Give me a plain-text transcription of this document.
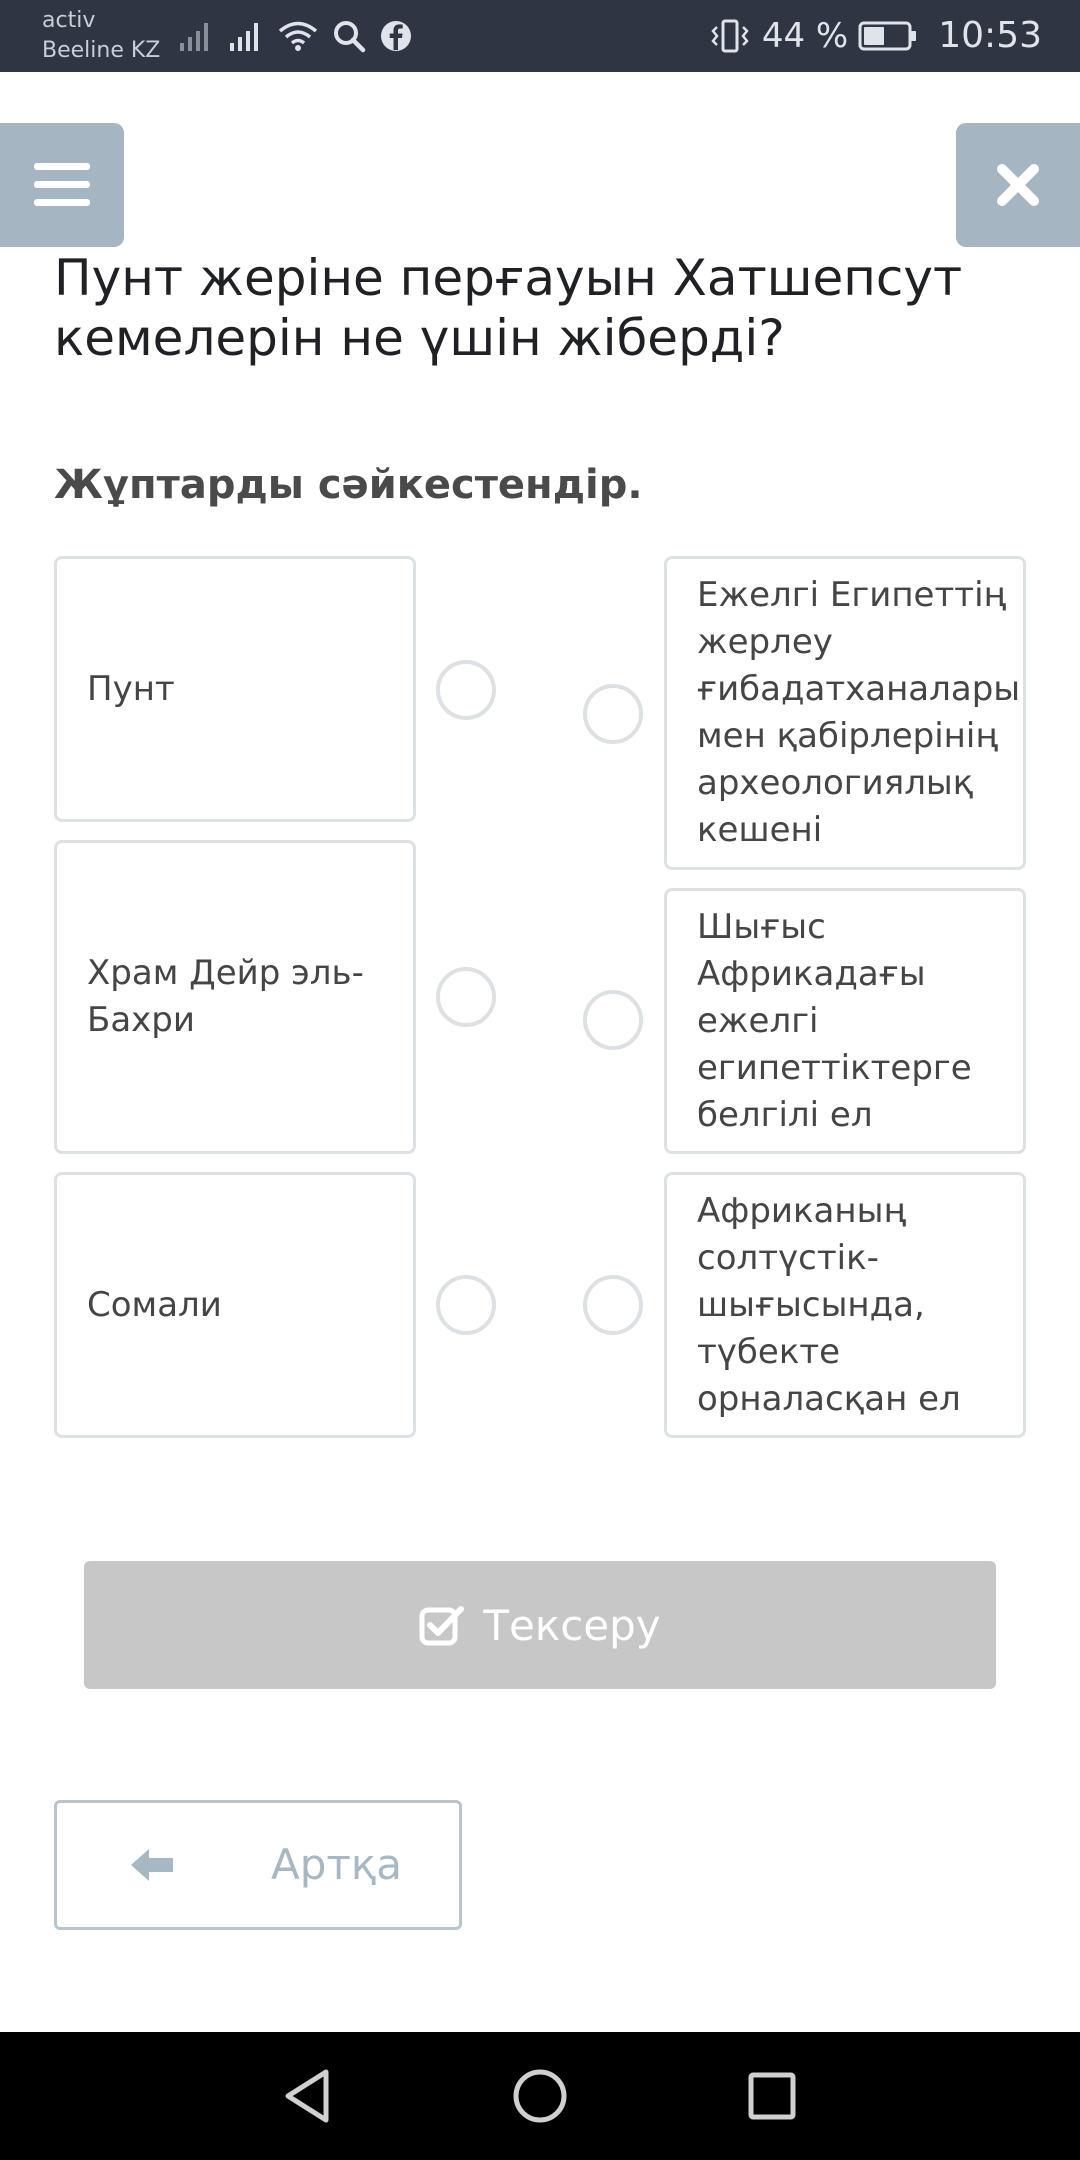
activ
Beeline KZ	44 %	10:53
Пунт жеріне перғауын Хатшепсут кемелерін не үшін жіберді?
Жұптарды сәйкестендір.
Пунт
Храм Дейр эль-Бахри
Сомали
Ежелгі Египеттің жерлеу ғибадатханалары мен қабірлерінің археологиялық кешені
Шығыс Африкадағы ежелгі египеттіктерге белгілі ел
Африканың солтүстік-шығысында, түбекте орналасқан ел
Тексеру
Артқа
